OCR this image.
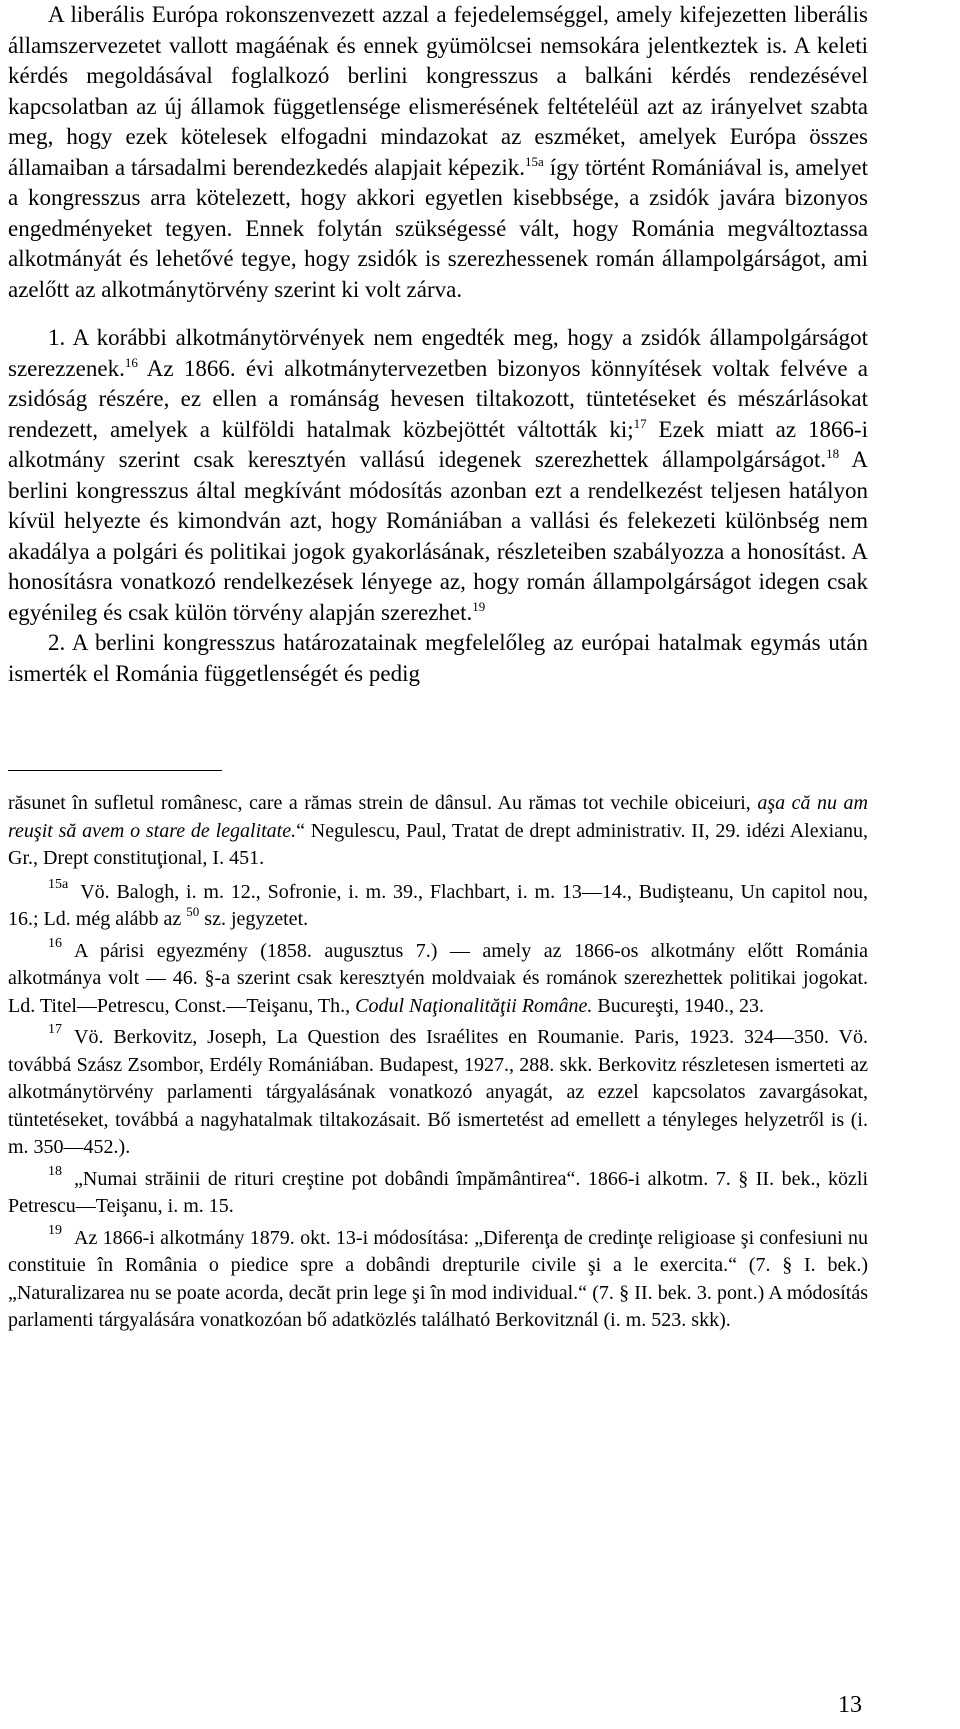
A liberális Európa rokonszenvezett azzal a fejedelemséggel, amely kifejezetten liberális államszervezetet vallott magáénak és ennek gyümölcsei nemsokára jelentkeztek is. A keleti kérdés megoldásával foglalkozó berlini kongresszus a balkáni kérdés rendezésével kapcsolatban az új államok függetlensége elismerésének feltételéül azt az irányelvet szabta meg, hogy ezek kötelesek elfogadni mindazokat az eszméket, amelyek Európa összes államaiban a társadalmi berendezkedés alapjait képezik.$^{15a}$ így történt Romániával is, amelyet a kongresszus arra kötelezett, hogy akkori egyetlen kisebbsége, a zsidók javára bizonyos engedményeket tegyen. Ennek folytán szükségessé vált, hogy Románia megváltoztassa alkotmányát és lehetővé tegye, hogy zsidók is szerezhessenek román állampolgárságot, ami azelőtt az alkotmánytörvény szerint ki volt zárva.

1. A korábbi alkotmánytörvények nem engedték meg, hogy a zsidók állampolgárságot szerezzenek.$^{16}$ Az 1866. évi alkotmánytervezetben bizonyos könnyítések voltak felvéve a zsidóság részére, ez ellen a románság hevesen tiltakozott, tüntetéseket és mészárlásokat rendezett, amelyek a külföldi hatalmak közbejöttét váltották ki;$^{17}$ Ezek miatt az 1866-i alkotmány szerint csak keresztyén vallású idegenek szerezhettek állampolgárságot.$^{18}$ A berlini kongresszus által megkívánt módosítás azonban ezt a rendelkezést teljesen hatályon kívül helyezte és kimondván azt, hogy Romániában a vallási és felekezeti különbség nem akadálya a polgári és politikai jogok gyakorlásának, részleteiben szabályozza a honosítást. A honosításra vonatkozó rendelkezések lényege az, hogy román állampolgárságot idegen csak egyénileg és csak külön törvény alapján szerezhet.$^{19}$

2. A berlini kongresszus határozatainak megfelelőleg az európai hatalmak egymás után ismerték el Románia függetlenségét és pedig

răsunet în sufletul românesc, care a rămas strein de dânsul. Au rămas tot vechile obiceiuri, aşa că nu am reuşit să avem o stare de legalitate.“ Negulescu, Paul, Tratat de drept administrativ. II, 29. idézi Alexianu, Gr., Drept constituţional, I. 451.

$^{15a}$ Vö. Balogh, i. m. 12., Sofronie, i. m. 39., Flachbart, i. m. 13—14., Budişteanu, Un capitol nou, 16.; Ld. még alább az $^{50}$ sz. jegyzetet.

$^{16}$ A párisi egyezmény (1858. augusztus 7.) — amely az 1866-os alkotmány előtt Románia alkotmánya volt — 46. §-a szerint csak keresztyén moldvaiak és románok szerezhettek politikai jogokat. Ld. Titel—Petrescu, Const.—Teişanu, Th., Codul Naţionalităţii Române. Bucureşti, 1940., 23.

$^{17}$ Vö. Berkovitz, Joseph, La Question des Israélites en Roumanie. Paris, 1923. 324—350. Vö. továbbá Szász Zsombor, Erdély Romániában. Budapest, 1927., 288. skk. Berkovitz részletesen ismerteti az alkotmánytörvény parlamenti tárgyalásának vonatkozó anyagát, az ezzel kapcsolatos zavargásokat, tüntetéseket, továbbá a nagyhatalmak tiltakozásait. Bő ismertetést ad emellett a tényleges helyzetről is (i. m. 350—452.).

$^{18}$ „Numai străinii de rituri creştine pot dobândi împământirea“. 1866-i alkotm. 7. § II. bek., közli Petrescu—Teişanu, i. m. 15.

$^{19}$ Az 1866-i alkotmány 1879. okt. 13-i módosítása: „Diferenţa de credinţe religioase şi confesiuni nu constituie în România o piedice spre a dobândi drepturile civile şi a le exercita.“ (7. § I. bek.) „Naturalizarea nu se poate acorda, decăt prin lege şi în mod individual.“ (7. § II. bek. 3. pont.) A módosítás parlamenti tárgyalására vonatkozóan bő adatközlés található Berkovitznál (i. m. 523. skk).

13
